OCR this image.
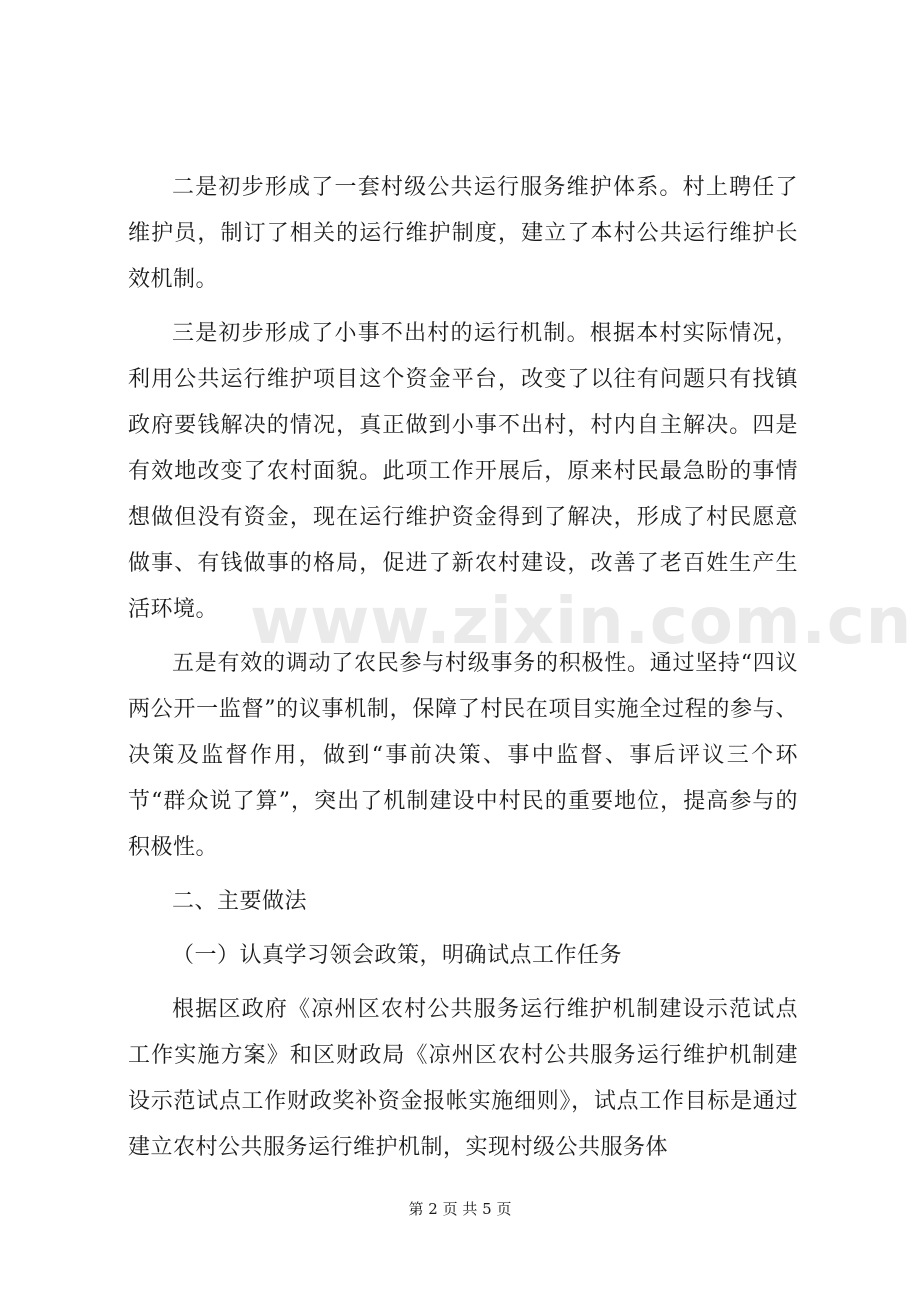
二是初步形成了一套村级公共运行服务维护体系。村上聘任了维护员，制订了相关的运行维护制度，建立了本村公共运行维护长效机制。

三是初步形成了小事不出村的运行机制。根据本村实际情况，利用公共运行维护项目这个资金平台，改变了以往有问题只有找镇政府要钱解决的情况，真正做到小事不出村，村内自主解决。四是有效地改变了农村面貌。此项工作开展后，原来村民最急盼的事情想做但没有资金，现在运行维护资金得到了解决，形成了村民愿意做事、有钱做事的格局，促进了新农村建设，改善了老百姓生产生活环境。

五是有效的调动了农民参与村级事务的积极性。通过坚持“四议两公开一监督”的议事机制，保障了村民在项目实施全过程的参与、决策及监督作用，做到“事前决策、事中监督、事后评议三个环节“群众说了算”，突出了机制建设中村民的重要地位，提高参与的积极性。

二、主要做法

（一）认真学习领会政策，明确试点工作任务

根据区政府《凉州区农村公共服务运行维护机制建设示范试点工作实施方案》和区财政局《凉州区农村公共服务运行维护机制建设示范试点工作财政奖补资金报帐实施细则》，试点工作目标是通过建立农村公共服务运行维护机制，实现村级公共服务体

www.zixin.com.cn
第 2 页 共 5 页
